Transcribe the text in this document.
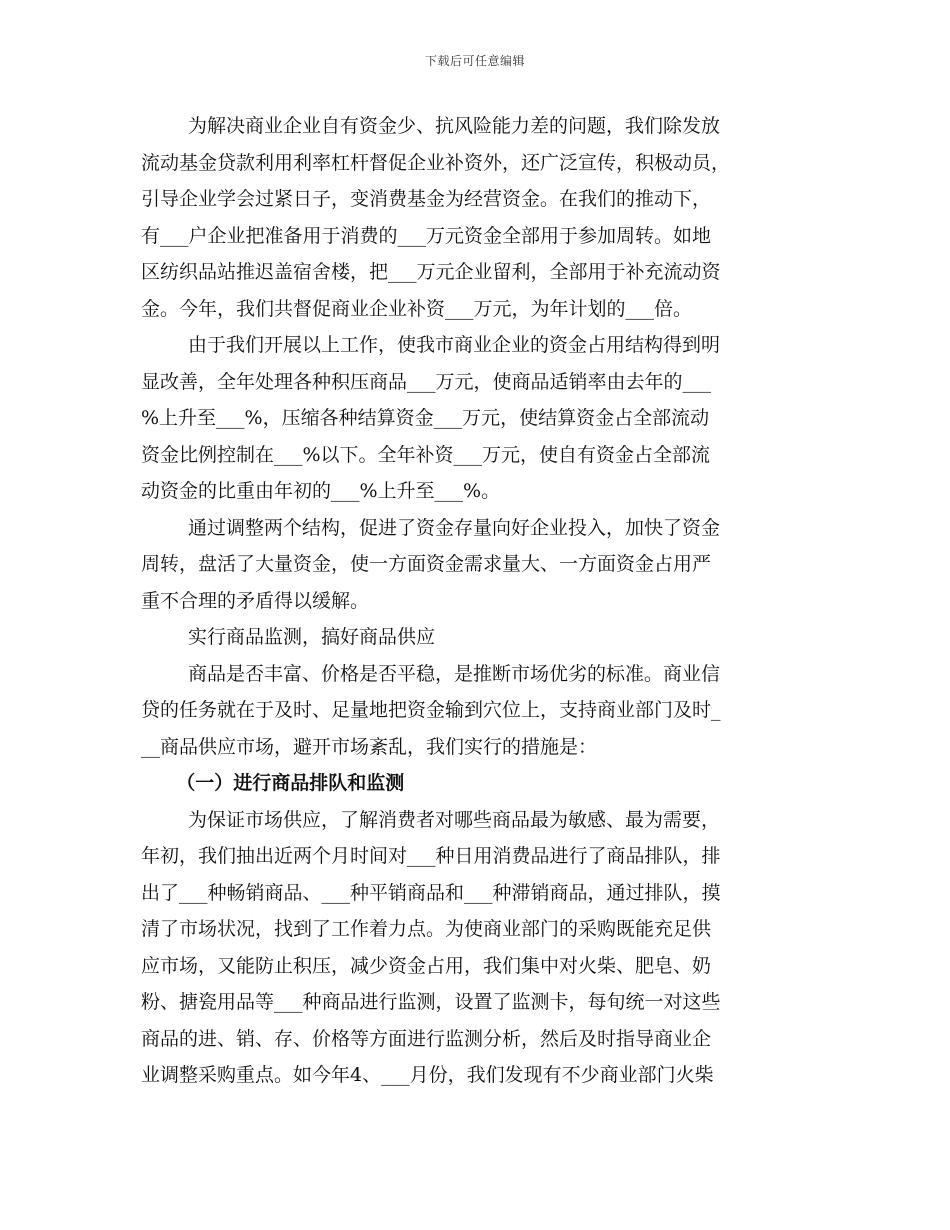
下载后可任意编辑
为解决商业企业自有资金少、抗风险能力差的问题，我们除发放
流动基金贷款利用利率杠杆督促企业补资外，还广泛宣传，积极动员，
引导企业学会过紧日子，变消费基金为经营资金。在我们的推动下，
有___户企业把准备用于消费的___万元资金全部用于参加周转。如地
区纺织品站推迟盖宿舍楼，把___万元企业留利，全部用于补充流动资
金。今年，我们共督促商业企业补资___万元，为年计划的___倍。
由于我们开展以上工作，使我市商业企业的资金占用结构得到明
显改善，全年处理各种积压商品___万元，使商品适销率由去年的___
%上升至___%，压缩各种结算资金___万元，使结算资金占全部流动
资金比例控制在___%以下。全年补资___万元，使自有资金占全部流
动资金的比重由年初的___%上升至___%。
通过调整两个结构，促进了资金存量向好企业投入，加快了资金
周转，盘活了大量资金，使一方面资金需求量大、一方面资金占用严
重不合理的矛盾得以缓解。
实行商品监测，搞好商品供应
商品是否丰富、价格是否平稳，是推断市场优劣的标准。商业信
贷的任务就在于及时、足量地把资金输到穴位上，支持商业部门及时_
__商品供应市场，避开市场紊乱，我们实行的措施是：
（一）进行商品排队和监测
为保证市场供应，了解消费者对哪些商品最为敏感、最为需要，
年初，我们抽出近两个月时间对___种日用消费品进行了商品排队，排
出了___种畅销商品、___种平销商品和___种滞销商品，通过排队，摸
清了市场状况，找到了工作着力点。为使商业部门的采购既能充足供
应市场，又能防止积压，减少资金占用，我们集中对火柴、肥皂、奶
粉、搪瓷用品等___种商品进行监测，设置了监测卡，每旬统一对这些
商品的进、销、存、价格等方面进行监测分析，然后及时指导商业企
业调整采购重点。如今年4、___月份，我们发现有不少商业部门火柴
